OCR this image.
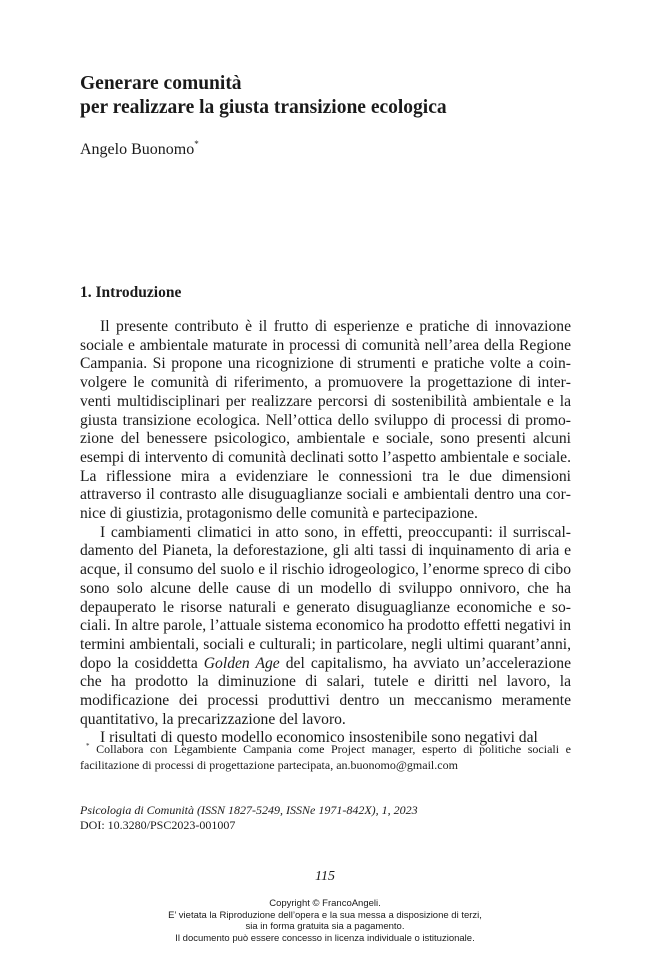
Generare comunità
per realizzare la giusta transizione ecologica
Angelo Buonomo*
1. Introduzione

Il presente contributo è il frutto di esperienze e pratiche di innovazione sociale e ambientale maturate in processi di comunità nell’area della Regione Campania. Si propone una ricognizione di strumenti e pratiche volte a coinvolgere le comunità di riferimento, a promuovere la progettazione di interventi multidisciplinari per realizzare percorsi di sostenibilità ambientale e la giusta transizione ecologica. Nell’ottica dello sviluppo di processi di promozione del benessere psicologico, ambientale e sociale, sono presenti alcuni esempi di intervento di comunità declinati sotto l’aspetto ambientale e sociale. La riflessione mira a evidenziare le connessioni tra le due dimensioni attraverso il contrasto alle disuguaglianze sociali e ambientali dentro una cornice di giustizia, protagonismo delle comunità e partecipazione.

I cambiamenti climatici in atto sono, in effetti, preoccupanti: il surriscaldamento del Pianeta, la deforestazione, gli alti tassi di inquinamento di aria e acque, il consumo del suolo e il rischio idrogeologico, l’enorme spreco di cibo sono solo alcune delle cause di un modello di sviluppo onnivoro, che ha depauperato le risorse naturali e generato disuguaglianze economiche e sociali. In altre parole, l’attuale sistema economico ha prodotto effetti negativi in termini ambientali, sociali e culturali; in particolare, negli ultimi quarant’anni, dopo la cosiddetta Golden Age del capitalismo, ha avviato un’accelerazione che ha prodotto la diminuzione di salari, tutele e diritti nel lavoro, la modificazione dei processi produttivi dentro un meccanismo meramente quantitativo, la precarizzazione del lavoro.

I risultati di questo modello economico insostenibile sono negativi dal

* Collabora con Legambiente Campania come Project manager, esperto di politiche sociali e facilitazione di processi di progettazione partecipata, an.buonomo@gmail.com

Psicologia di Comunità (ISSN 1827-5249, ISSNe 1971-842X), 1, 2023
DOI: 10.3280/PSC2023-001007
115
Copyright © FrancoAngeli.
E’ vietata la Riproduzione dell’opera e la sua messa a disposizione di terzi,
sia in forma gratuita sia a pagamento.
Il documento può essere concesso in licenza individuale o istituzionale.
